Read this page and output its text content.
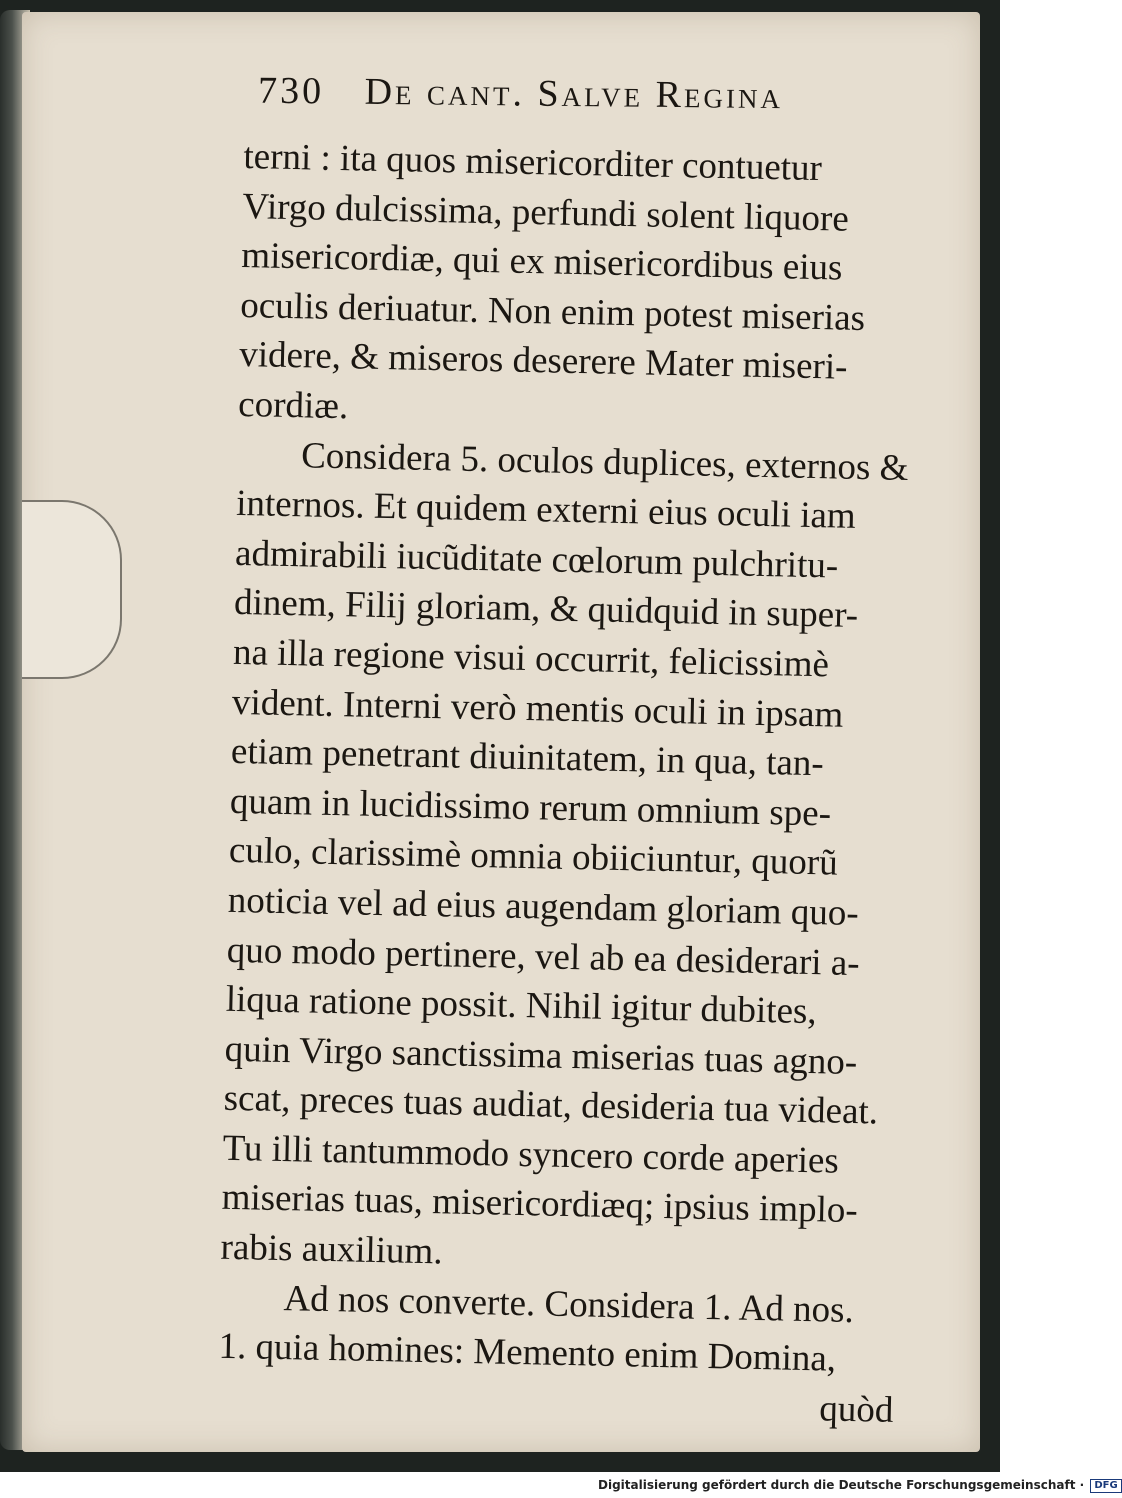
730 De cant. Salve Regina
terni : ita quos misericorditer contuetur
Virgo dulcissima, perfundi solent liquore
misericordiæ, qui ex misericordibus eius
oculis deriuatur. Non enim potest miserias
videre, & miseros deserere Mater miseri-
cordiæ.
Considera 5. oculos duplices, externos &
internos. Et quidem externi eius oculi iam
admirabili iucũditate cœlorum pulchritu-
dinem, Filij gloriam, & quidquid in super-
na illa regione visui occurrit, felicissimè
vident. Interni verò mentis oculi in ipsam
etiam penetrant diuinitatem, in qua, tan-
quam in lucidissimo rerum omnium spe-
culo, clarissimè omnia obiiciuntur, quorũ
noticia vel ad eius augendam gloriam quo-
quo modo pertinere, vel ab ea desiderari a-
liqua ratione possit. Nihil igitur dubites,
quin Virgo sanctissima miserias tuas agno-
scat, preces tuas audiat, desideria tua videat.
Tu illi tantummodo syncero corde aperies
miserias tuas, misericordiæq; ipsius implo-
rabis auxilium.
Ad nos converte. Considera 1. Ad nos.
1. quia homines: Memento enim Domina,
quòd
Digitalisierung gefördert durch die Deutsche Forschungsgemeinschaft · DFG
